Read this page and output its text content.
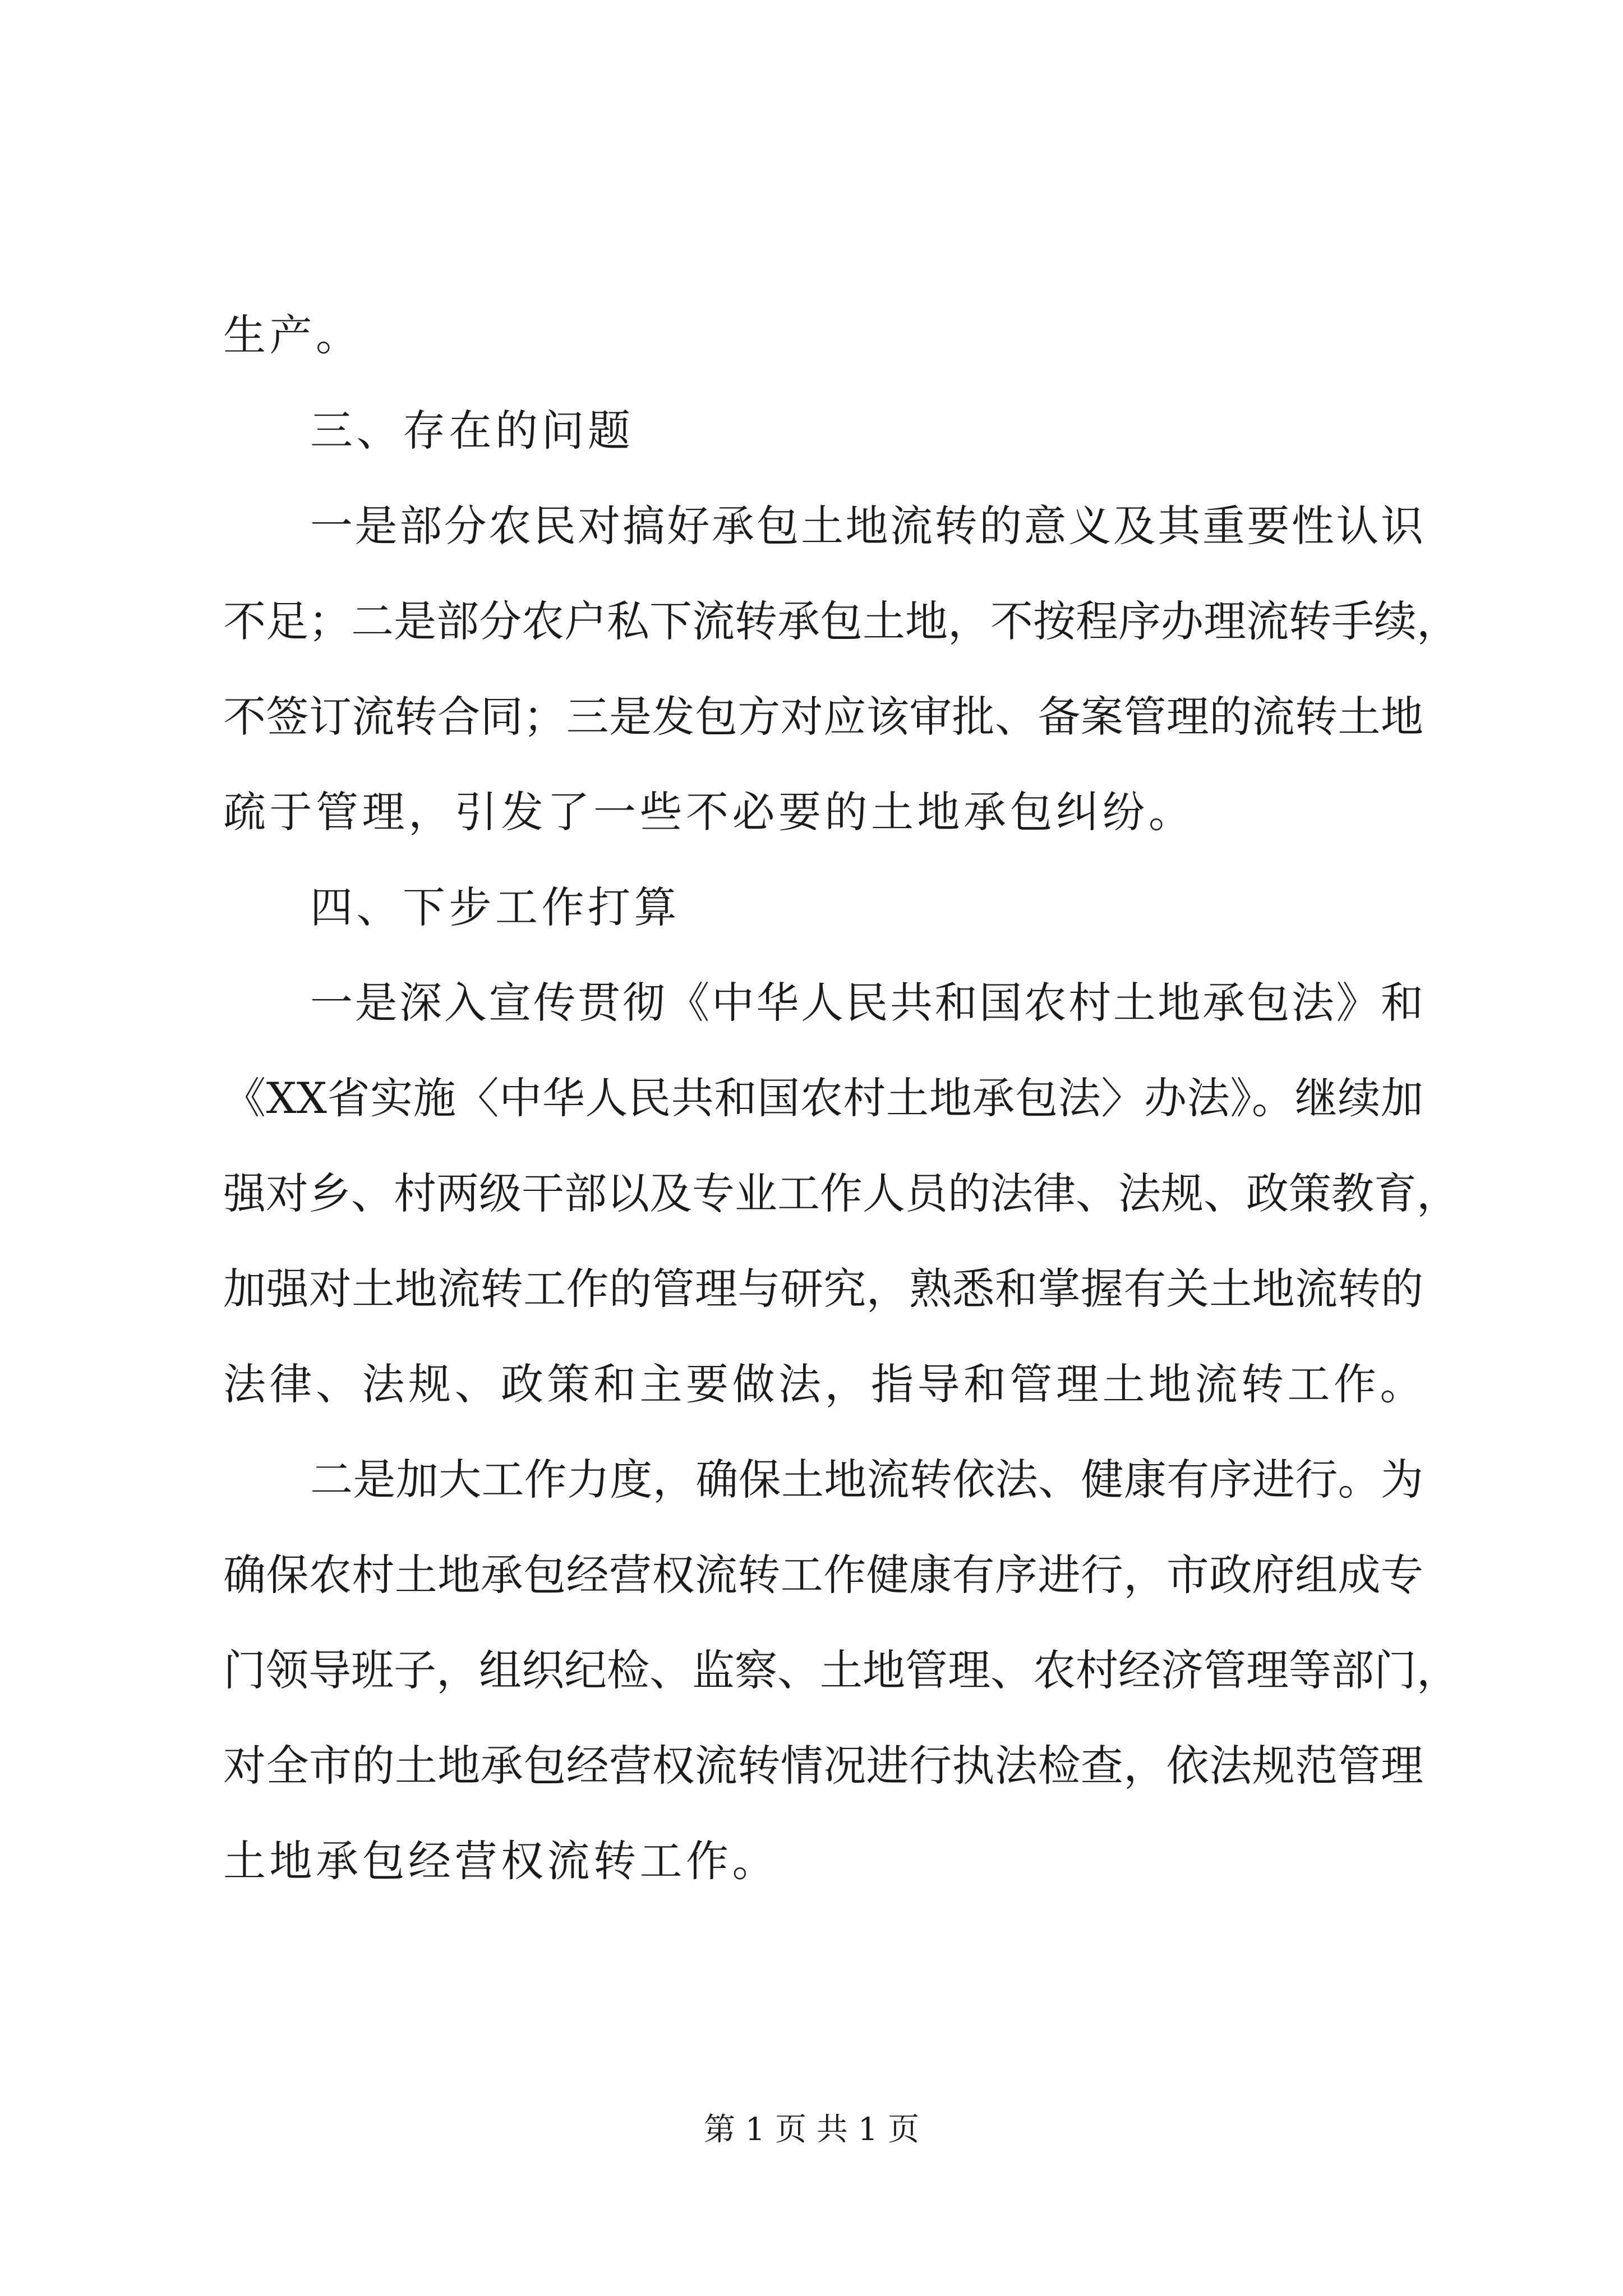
生产。
三、存在的问题
一是部分农民对搞好承包土地流转的意义及其重要性认识
不足；二是部分农户私下流转承包土地，不按程序办理流转手续，
不签订流转合同；三是发包方对应该审批、备案管理的流转土地
疏于管理，引发了一些不必要的土地承包纠纷。
四、下步工作打算
一是深入宣传贯彻《中华人民共和国农村土地承包法》和
《XX省实施〈中华人民共和国农村土地承包法〉办法》。继续加
强对乡、村两级干部以及专业工作人员的法律、法规、政策教育，
加强对土地流转工作的管理与研究，熟悉和掌握有关土地流转的
法律、法规、政策和主要做法，指导和管理土地流转工作。
二是加大工作力度，确保土地流转依法、健康有序进行。为
确保农村土地承包经营权流转工作健康有序进行，市政府组成专
门领导班子，组织纪检、监察、土地管理、农村经济管理等部门，
对全市的土地承包经营权流转情况进行执法检查，依法规范管理
土地承包经营权流转工作。
第 1 页 共 1 页
